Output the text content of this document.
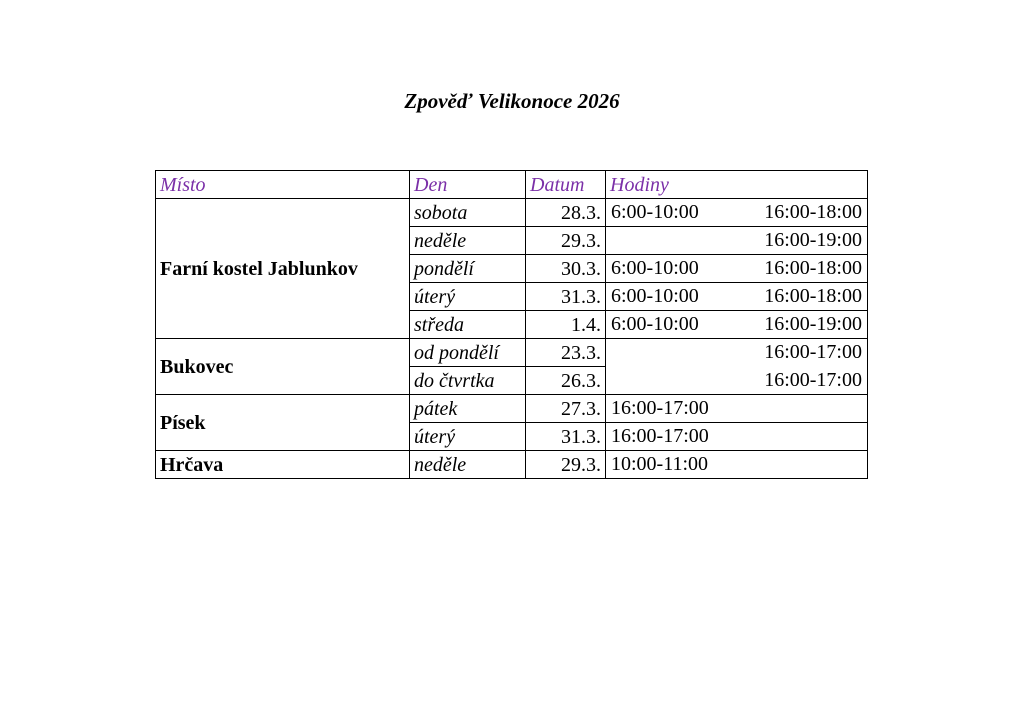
Zpověď Velikonoce 2026
Místo	Den	Datum	Hodiny
Farní kostel Jablunkov	sobota	28.3.	6:00-10:00 16:00-18:00

	neděle	29.3.	16:00-19:00

	pondělí	30.3.	6:00-10:00 16:00-18:00

	úterý	31.3.	6:00-10:00 16:00-18:00

	středa	1.4.	6:00-10:00 16:00-19:00

Bukovec	od pondělí	23.3.	16:00-17:00

	do čtvrtka	26.3.	16:00-17:00

Písek	pátek	27.3.	16:00-17:00

	úterý	31.3.	16:00-17:00

Hrčava	neděle	29.3.	10:00-11:00
